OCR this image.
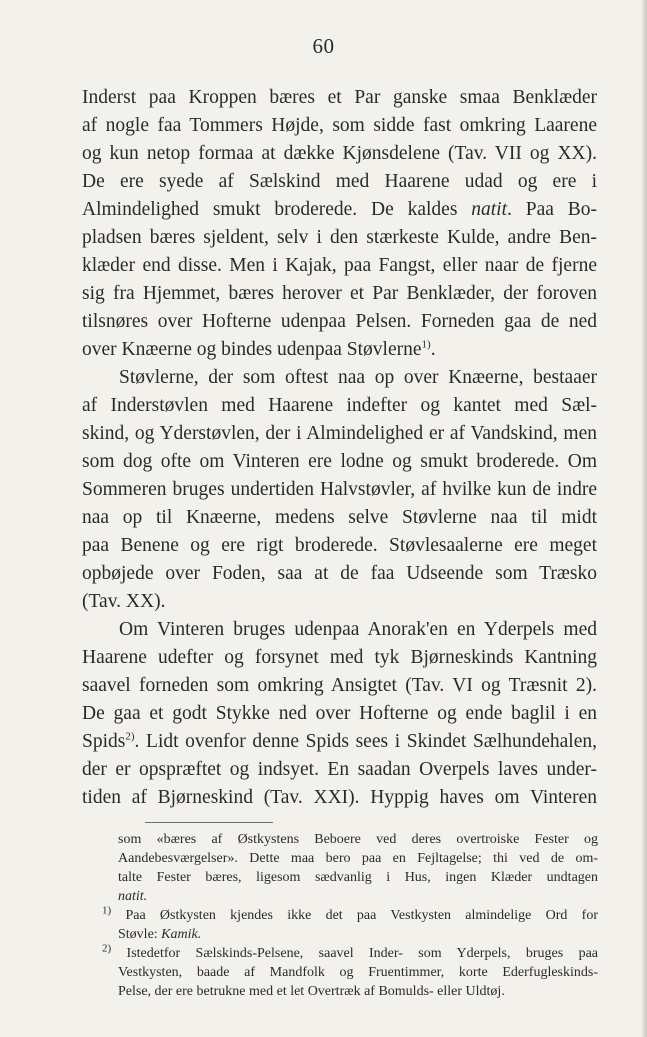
60
Inderst paa Kroppen bæres et Par ganske smaa Benklæder
af nogle faa Tommers Højde, som sidde fast omkring Laarene
og kun netop formaa at dække Kjønsdelene (Tav. VII og XX).
De ere syede af Sælskind med Haarene udad og ere i
Almindelighed smukt broderede. De kaldes natit. Paa Bo-
pladsen bæres sjeldent, selv i den stærkeste Kulde, andre Ben-
klæder end disse. Men i Kajak, paa Fangst, eller naar de fjerne
sig fra Hjemmet, bæres herover et Par Benklæder, der foroven
tilsnøres over Hofterne udenpaa Pelsen. Forneden gaa de ned
over Knæerne og bindes udenpaa Støvlerne$^{1)}$.
Støvlerne, der som oftest naa op over Knæerne, bestaaer
af Inderstøvlen med Haarene indefter og kantet med Sæl-
skind, og Yderstøvlen, der i Almindelighed er af Vandskind, men
som dog ofte om Vinteren ere lodne og smukt broderede. Om
Sommeren bruges undertiden Halvstøvler, af hvilke kun de indre
naa op til Knæerne, medens selve Støvlerne naa til midt
paa Benene og ere rigt broderede. Støvlesaalerne ere meget
opbøjede over Foden, saa at de faa Udseende som Træsko
(Tav. XX).
Om Vinteren bruges udenpaa Anorak'en en Yderpels med
Haarene udefter og forsynet med tyk Bjørneskinds Kantning
saavel forneden som omkring Ansigtet (Tav. VI og Træsnit 2).
De gaa et godt Stykke ned over Hofterne og ende baglil i en
Spids$^{2)}$. Lidt ovenfor denne Spids sees i Skindet Sælhundehalen,
der er opspræftet og indsyet. En saadan Overpels laves under-
tiden af Bjørneskind (Tav. XXI). Hyppig haves om Vinteren
som «bæres af Østkystens Beboere ved deres overtroiske Fester og
Aandebesværgelser». Dette maa bero paa en Fejltagelse; thi ved de om-
talte Fester bæres, ligesom sædvanlig i Hus, ingen Klæder undtagen
natit.
$^{1)}$ Paa Østkysten kjendes ikke det paa Vestkysten almindelige Ord for
Støvle: Kamik.
$^{2)}$ Istedetfor Sælskinds-Pelsene, saavel Inder- som Yderpels, bruges paa
Vestkysten, baade af Mandfolk og Fruentimmer, korte Ederfugleskinds-
Pelse, der ere betrukne med et let Overtræk af Bomulds- eller Uldtøj.
